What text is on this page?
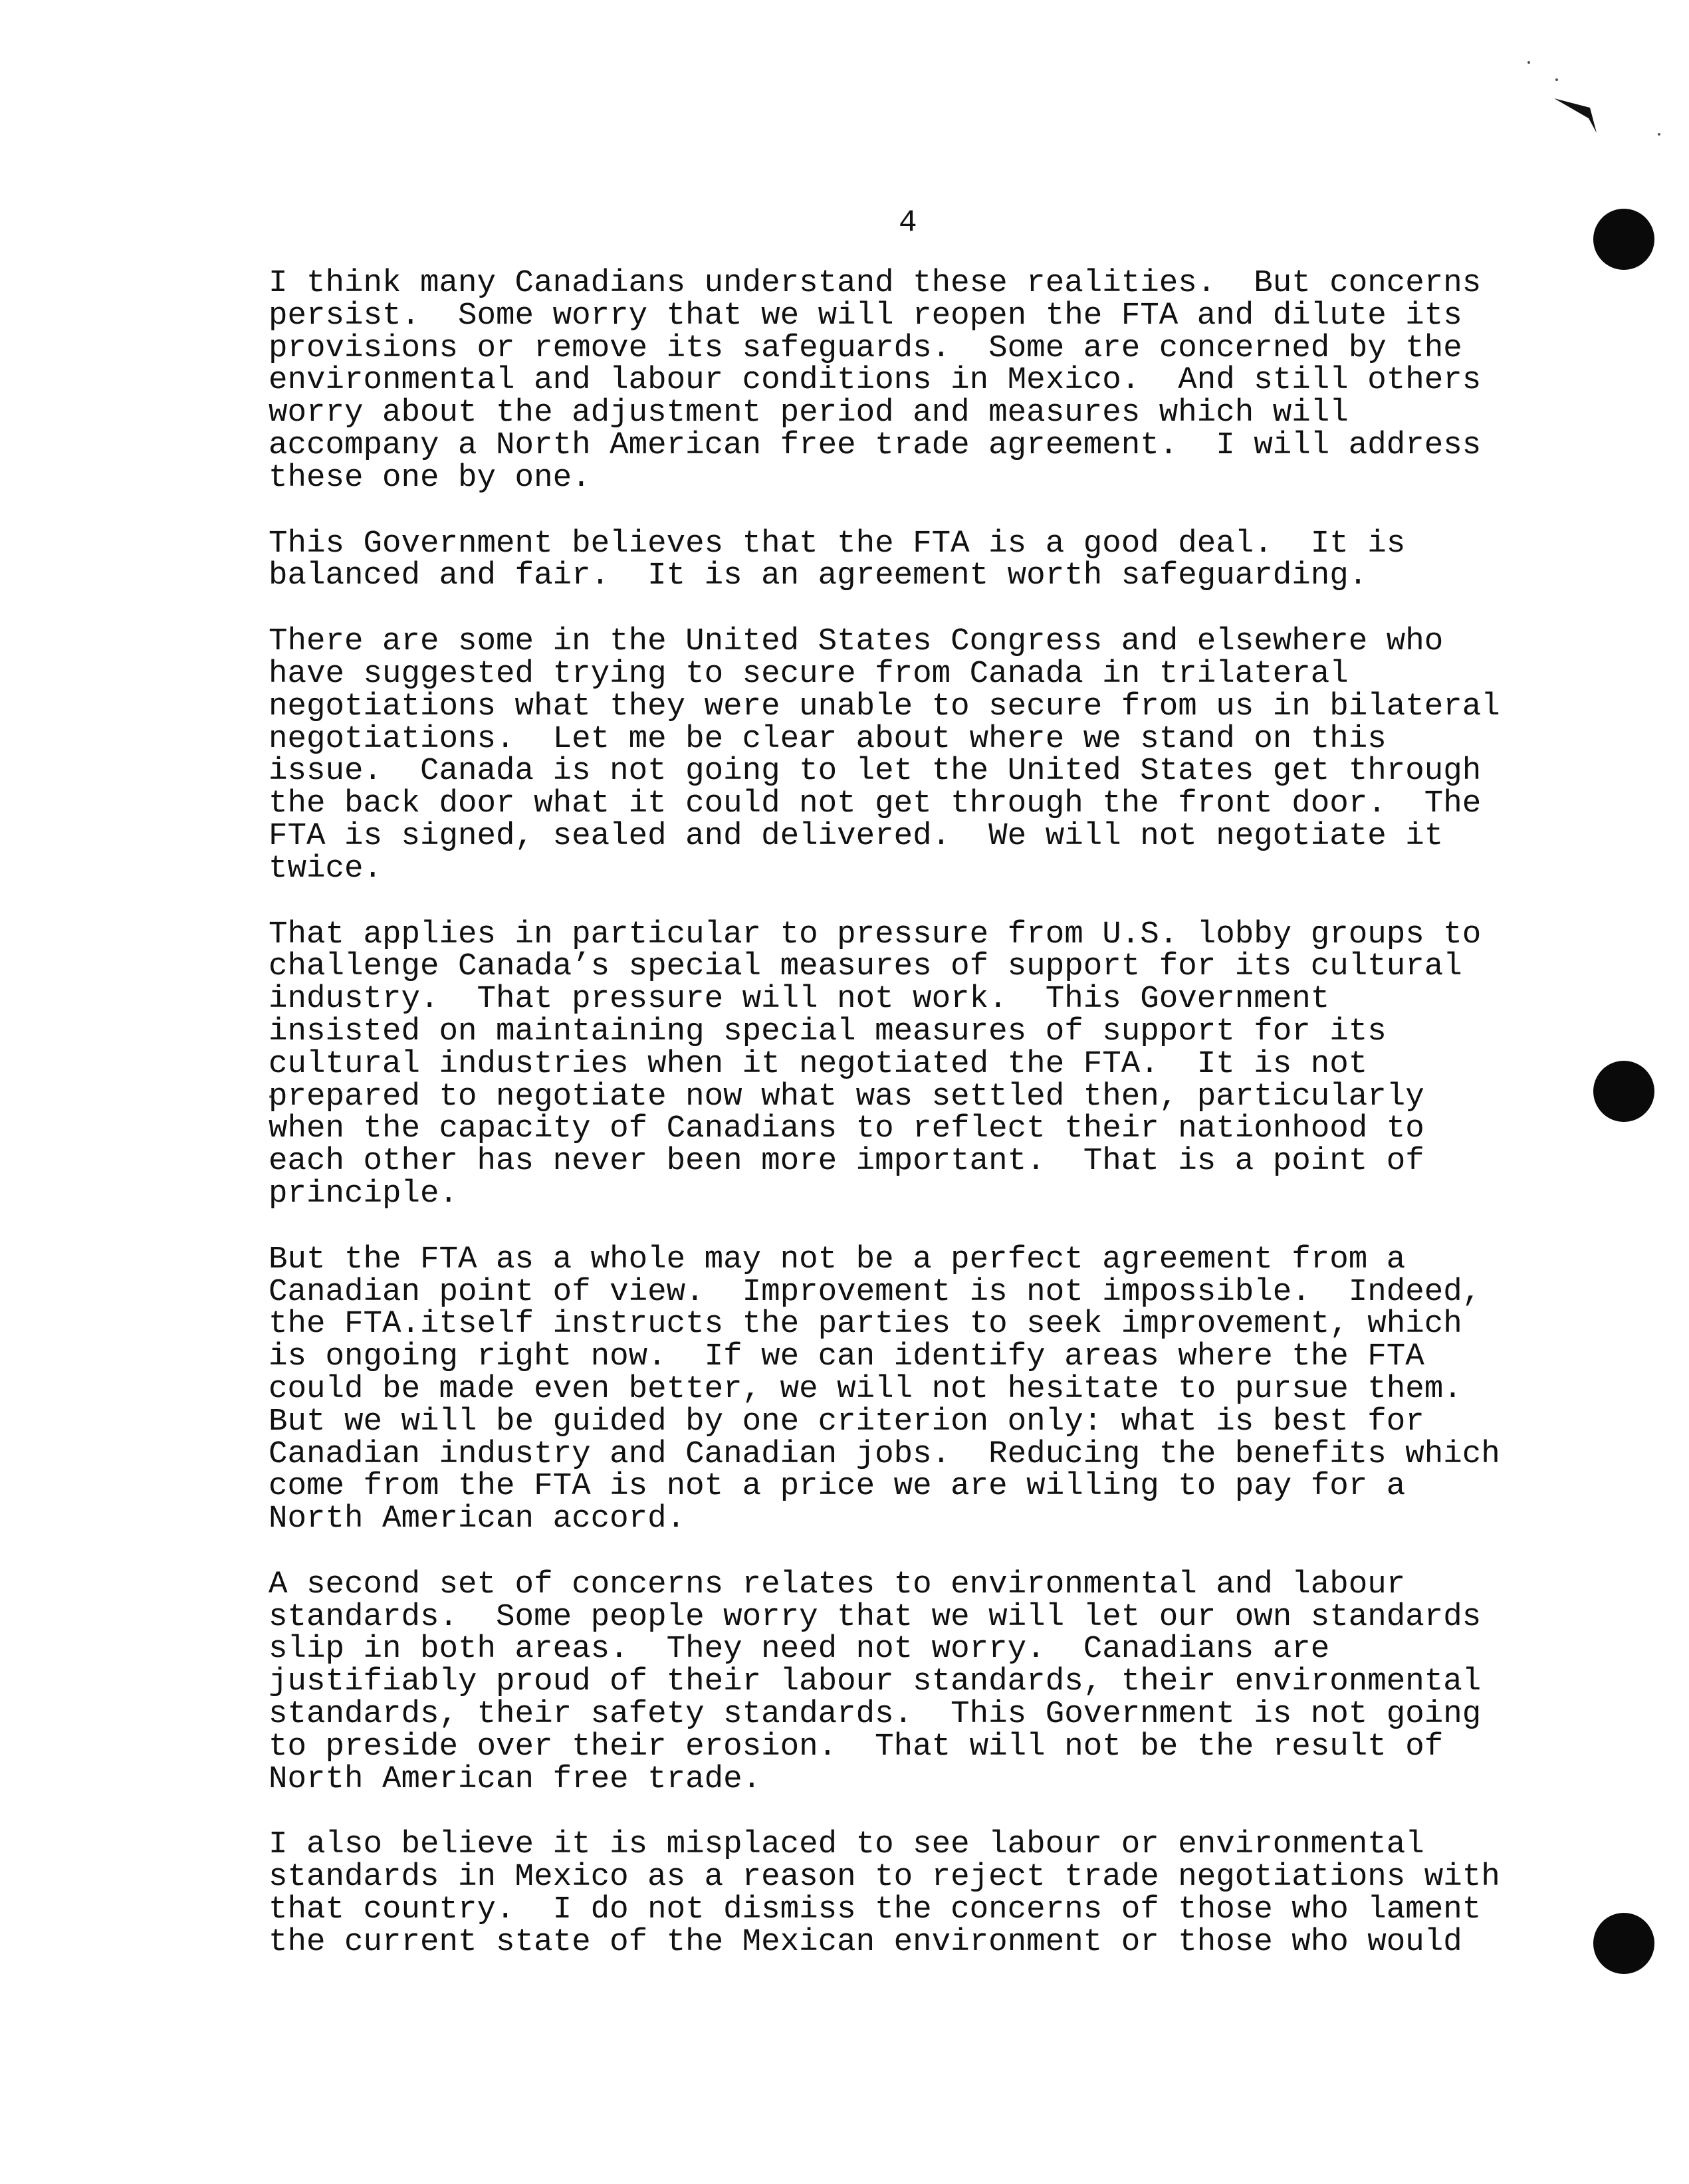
4

I think many Canadians understand these realities.  But concerns
persist.  Some worry that we will reopen the FTA and dilute its
provisions or remove its safeguards.  Some are concerned by the
environmental and labour conditions in Mexico.  And still others
worry about the adjustment period and measures which will
accompany a North American free trade agreement.  I will address
these one by one.

This Government believes that the FTA is a good deal.  It is
balanced and fair.  It is an agreement worth safeguarding.

There are some in the United States Congress and elsewhere who
have suggested trying to secure from Canada in trilateral
negotiations what they were unable to secure from us in bilateral
negotiations.  Let me be clear about where we stand on this
issue.  Canada is not going to let the United States get through
the back door what it could not get through the front door.  The
FTA is signed, sealed and delivered.  We will not negotiate it
twice.

That applies in particular to pressure from U.S. lobby groups to
challenge Canada’s special measures of support for its cultural
industry.  That pressure will not work.  This Government
insisted on maintaining special measures of support for its
cultural industries when it negotiated the FTA.  It is not
prepared to negotiate now what was settled then, particularly
when the capacity of Canadians to reflect their nationhood to
each other has never been more important.  That is a point of
principle.

But the FTA as a whole may not be a perfect agreement from a
Canadian point of view.  Improvement is not impossible.  Indeed,
the FTA.itself instructs the parties to seek improvement, which
is ongoing right now.  If we can identify areas where the FTA
could be made even better, we will not hesitate to pursue them.
But we will be guided by one criterion only: what is best for
Canadian industry and Canadian jobs.  Reducing the benefits which
come from the FTA is not a price we are willing to pay for a
North American accord.

A second set of concerns relates to environmental and labour
standards.  Some people worry that we will let our own standards
slip in both areas.  They need not worry.  Canadians are
justifiably proud of their labour standards, their environmental
standards, their safety standards.  This Government is not going
to preside over their erosion.  That will not be the result of
North American free trade.

I also believe it is misplaced to see labour or environmental
standards in Mexico as a reason to reject trade negotiations with
that country.  I do not dismiss the concerns of those who lament
the current state of the Mexican environment or those who would
